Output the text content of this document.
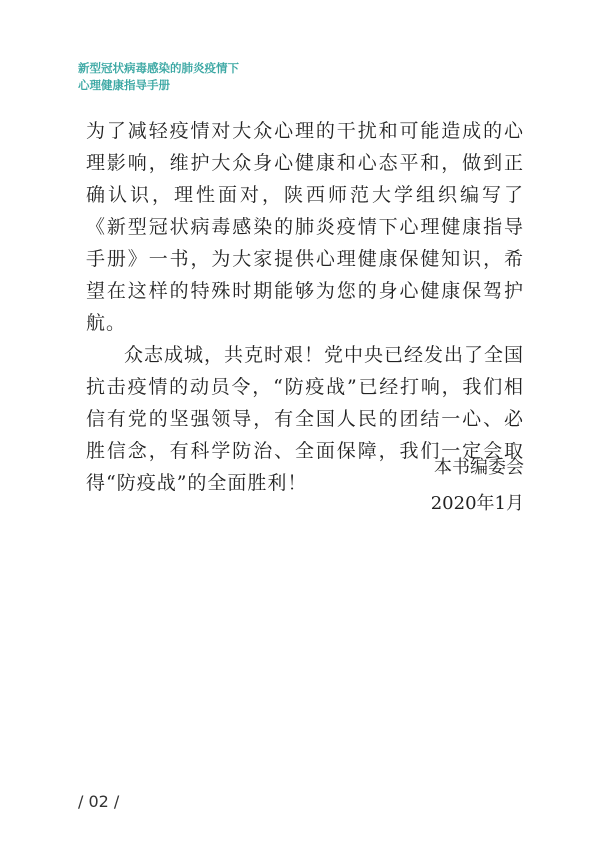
新型冠状病毒感染的肺炎疫情下
心理健康指导手册

为了减轻疫情对大众心理的干扰和可能造成的心理影响，维护大众身心健康和心态平和，做到正确认识，理性面对，陕西师范大学组织编写了《新型冠状病毒感染的肺炎疫情下心理健康指导手册》一书，为大家提供心理健康保健知识，希望在这样的特殊时期能够为您的身心健康保驾护航。

众志成城，共克时艰！党中央已经发出了全国抗击疫情的动员令，“防疫战”已经打响，我们相信有党的坚强领导，有全国人民的团结一心、必胜信念，有科学防治、全面保障，我们一定会取得“防疫战”的全面胜利！

本书编委会
2020年1月
/ 02 /
